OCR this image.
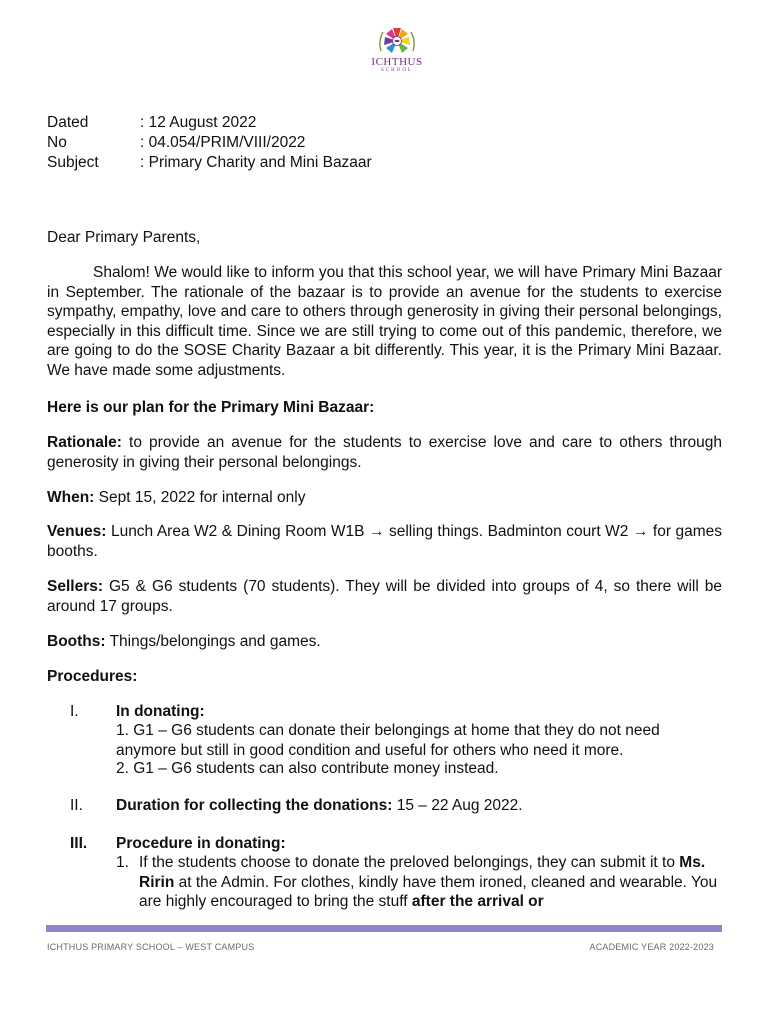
ICHTHUS
SCHOOL
Dated	: 12 August 2022
No	: 04.054/PRIM/VIII/2022
Subject	: Primary Charity and Mini Bazaar
Dear Primary Parents,
Shalom! We would like to inform you that this school year, we will have Primary Mini Bazaar in September. The rationale of the bazaar is to provide an avenue for the students to exercise sympathy, empathy, love and care to others through generosity in giving their personal belongings, especially in this difficult time. Since we are still trying to come out of this pandemic, therefore, we are going to do the SOSE Charity Bazaar a bit differently. This year, it is the Primary Mini Bazaar. We have made some adjustments.
Here is our plan for the Primary Mini Bazaar:
Rationale: to provide an avenue for the students to exercise love and care to others through generosity in giving their personal belongings.
When: Sept 15, 2022 for internal only
Venues: Lunch Area W2 & Dining Room W1B → selling things. Badminton court W2 → for games booths.
Sellers: G5 & G6 students (70 students). They will be divided into groups of 4, so there will be around 17 groups.
Booths: Things/belongings and games.
Procedures:
I. In donating:
1. G1 – G6 students can donate their belongings at home that they do not need anymore but still in good condition and useful for others who need it more.
2. G1 – G6 students can also contribute money instead.
II. Duration for collecting the donations: 15 – 22 Aug 2022.
III. Procedure in donating:
1. If the students choose to donate the preloved belongings, they can submit it to Ms. Ririn at the Admin. For clothes, kindly have them ironed, cleaned and wearable. You are highly encouraged to bring the stuff after the arrival or
ICHTHUS PRIMARY SCHOOL – WEST CAMPUS	ACADEMIC YEAR 2022-2023
